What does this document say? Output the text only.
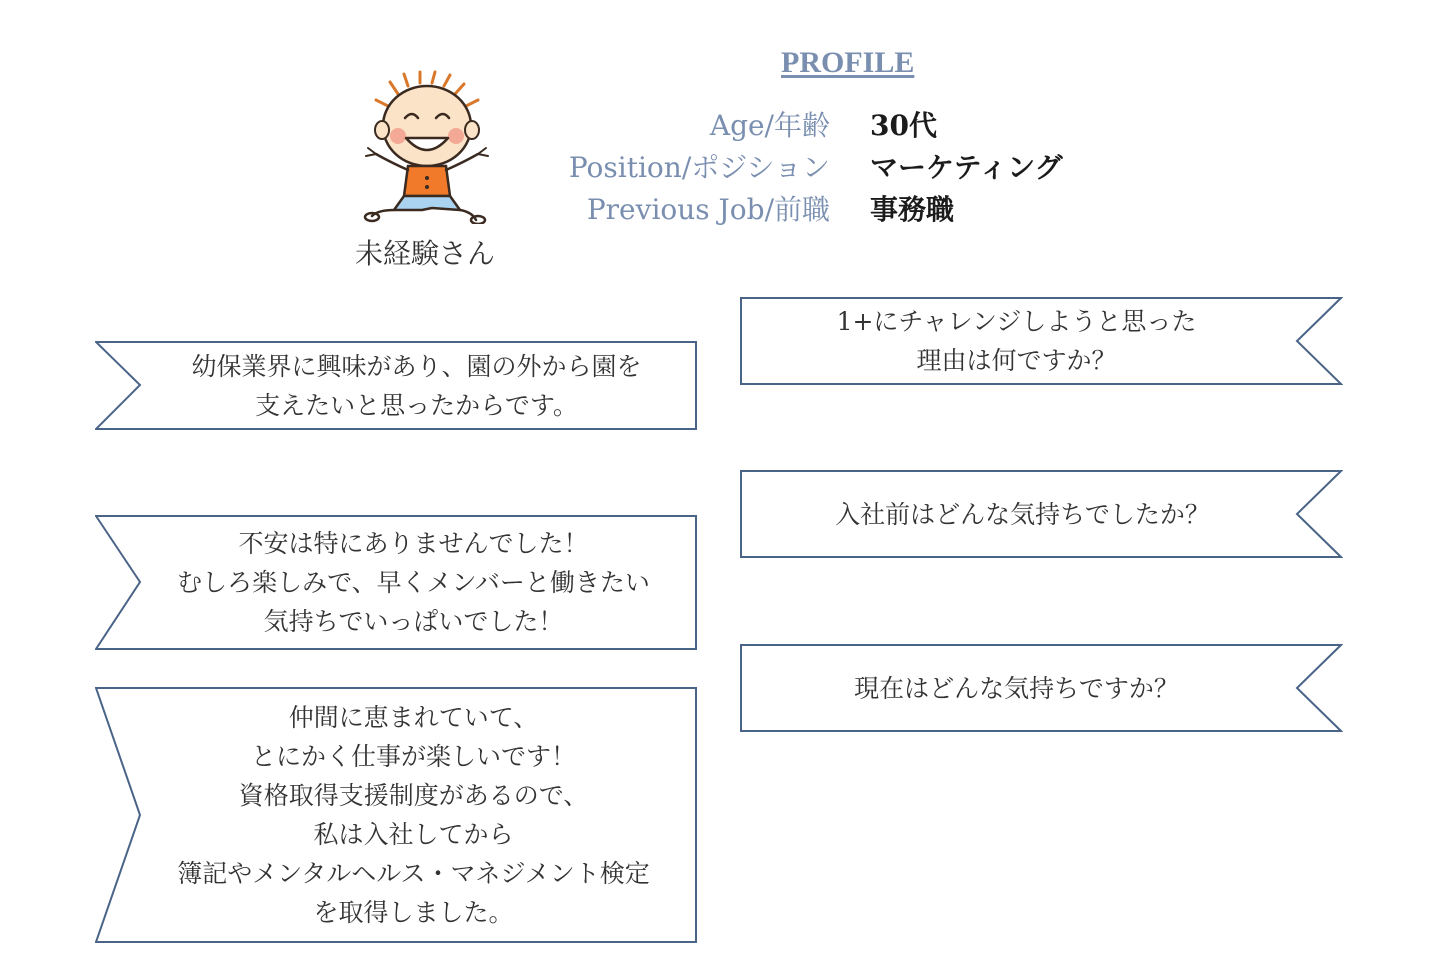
未経験さん
PROFILE
Age/年齢 30代
Position/ポジション マーケティング
Previous Job/前職 事務職
1+にチャレンジしようと思った
理由は何ですか？
入社前はどんな気持ちでしたか？
現在はどんな気持ちですか？
幼保業界に興味があり、園の外から園を
支えたいと思ったからです。
不安は特にありませんでした！
むしろ楽しみで、早くメンバーと働きたい
気持ちでいっぱいでした！
仲間に恵まれていて、
とにかく仕事が楽しいです！
資格取得支援制度があるので、
私は入社してから
簿記やメンタルヘルス・マネジメント検定
を取得しました。
